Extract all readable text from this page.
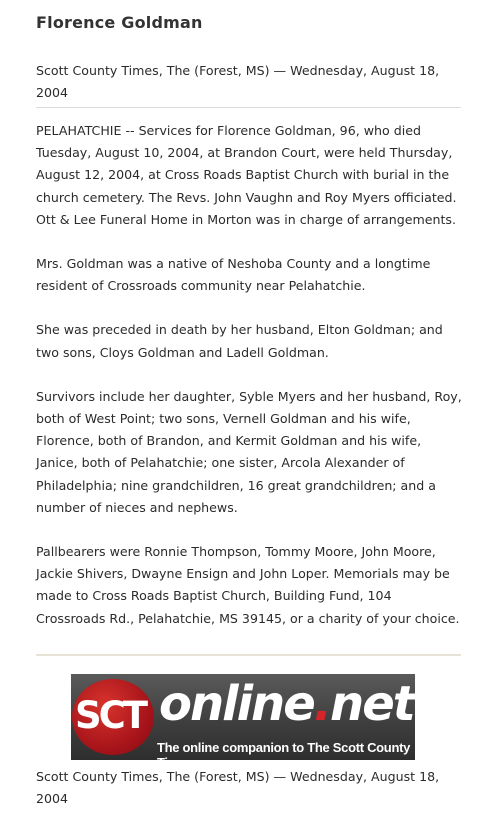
Florence Goldman
Scott County Times, The (Forest, MS) — Wednesday, August 18, 2004

PELAHATCHIE -- Services for Florence Goldman, 96, who died Tuesday, August 10, 2004, at Brandon Court, were held Thursday, August 12, 2004, at Cross Roads Baptist Church with burial in the church cemetery. The Revs. John Vaughn and Roy Myers officiated. Ott & Lee Funeral Home in Morton was in charge of arrangements.

Mrs. Goldman was a native of Neshoba County and a longtime resident of Crossroads community near Pelahatchie.

She was preceded in death by her husband, Elton Goldman; and two sons, Cloys Goldman and Ladell Goldman.

Survivors include her daughter, Syble Myers and her husband, Roy, both of West Point; two sons, Vernell Goldman and his wife, Florence, both of Brandon, and Kermit Goldman and his wife, Janice, both of Pelahatchie; one sister, Arcola Alexander of Philadelphia; nine grandchildren, 16 great grandchildren; and a number of nieces and nephews.

Pallbearers were Ronnie Thompson, Tommy Moore, John Moore, Jackie Shivers, Dwayne Ensign and John Loper. Memorials may be made to Cross Roads Baptist Church, Building Fund, 104 Crossroads Rd., Pelahatchie, MS 39145, or a charity of your choice.

SCT online.net
The online companion to The Scott County Times
Scott County Times, The (Forest, MS) — Wednesday, August 18, 2004
